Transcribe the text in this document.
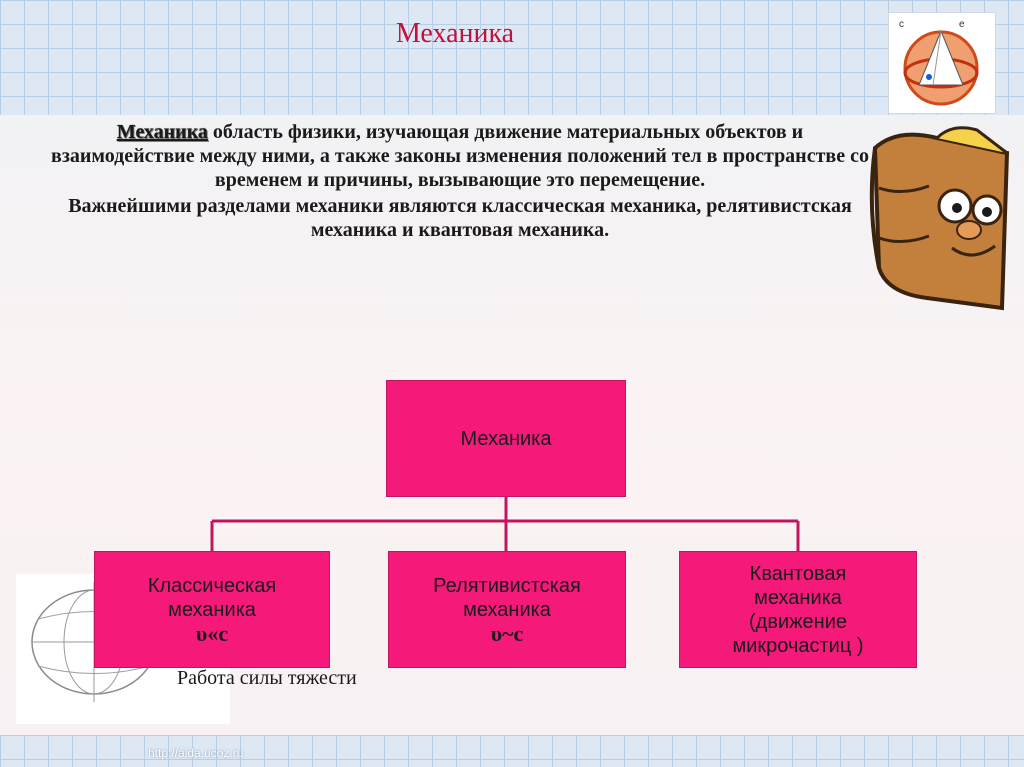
Механика	c	e

Механика область физики, изучающая движение материальных объектов и взаимодействие между ними, а также законы изменения положений тел в пространстве со временем и причины, вызывающие это перемещение.

Важнейшими разделами механики являются классическая механика, релятивистская механика и квантовая механика.

Механика
Классическая
механика
υ«c
Релятивистская
механика
υ~c
Квантовая
механика
(движение
микрочастиц )
Работа силы тяжести
http://aida.ucoz.ru
